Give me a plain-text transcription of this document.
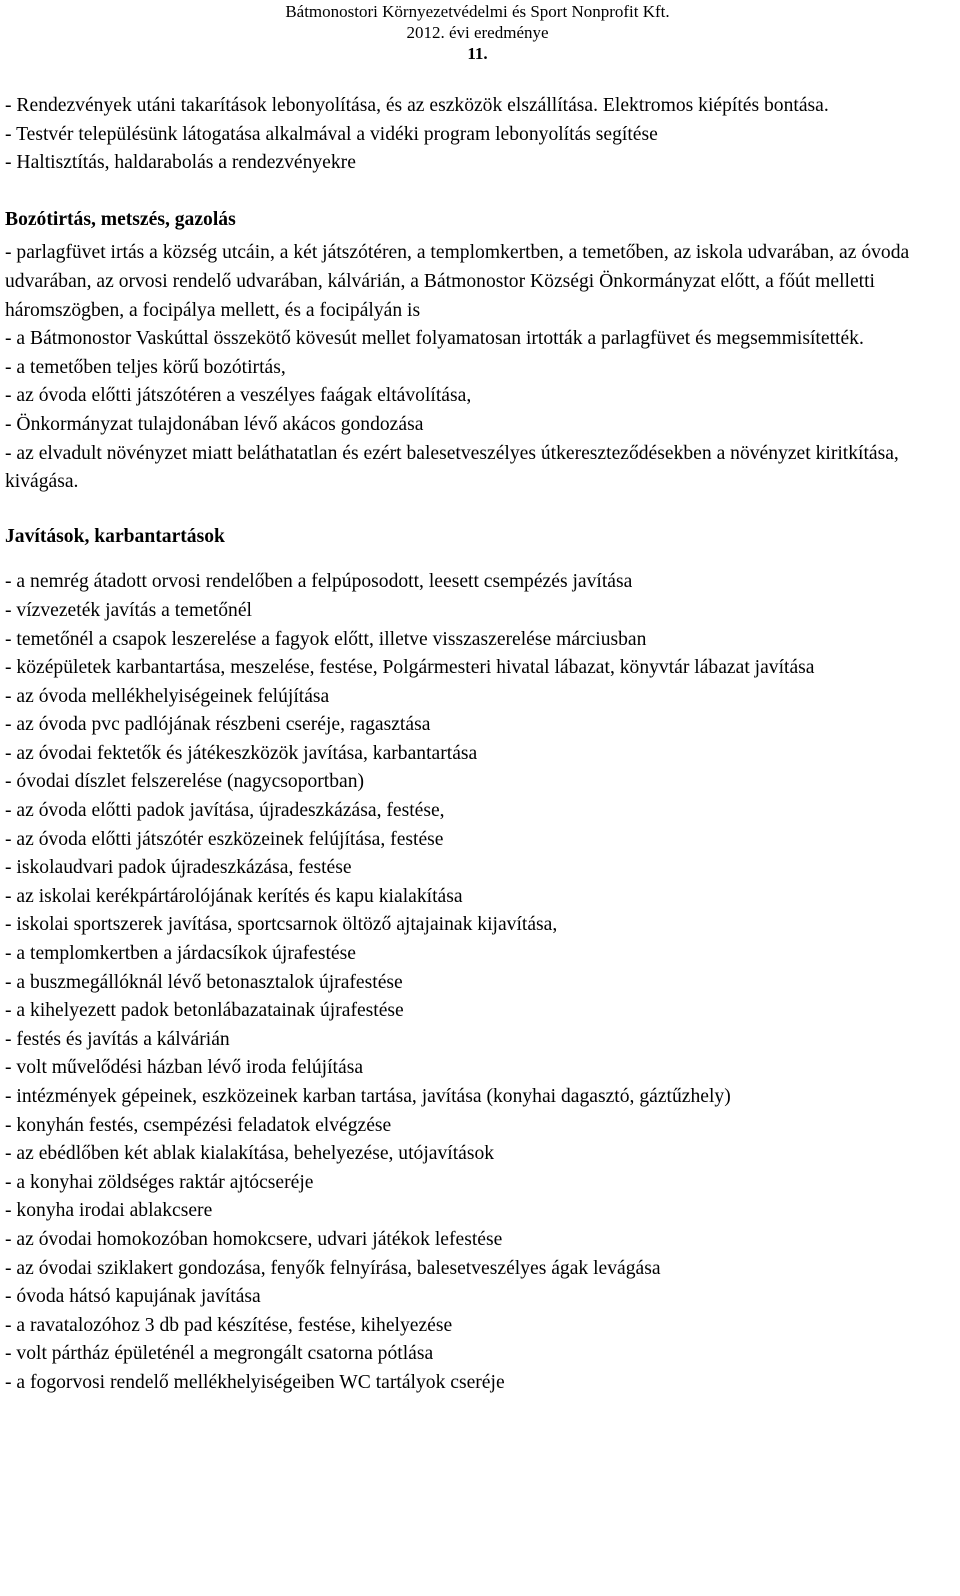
Bátmonostori Környezetvédelmi és Sport Nonprofit Kft.
2012. évi eredménye
11.

- Rendezvények utáni takarítások lebonyolítása, és az eszközök elszállítása. Elektromos kiépítés bontása.

- Testvér településünk látogatása alkalmával a vidéki program lebonyolítás segítése

- Haltisztítás, haldarabolás a rendezvényekre

Bozótirtás, metszés, gazolás

- parlagfüvet irtás a község utcáin, a két játszótéren, a templomkertben, a temetőben, az iskola udvarában, az óvoda udvarában, az orvosi rendelő udvarában, kálvárián, a Bátmonostor Községi Önkormányzat előtt, a főút melletti háromszögben, a focipálya mellett, és a focipályán is

- a Bátmonostor Vaskúttal összekötő kövesút mellet folyamatosan irtották a parlagfüvet és megsemmisítették.

- a temetőben teljes körű bozótirtás,

- az óvoda előtti játszótéren a veszélyes faágak eltávolítása,

- Önkormányzat tulajdonában lévő akácos gondozása

- az elvadult növényzet miatt beláthatatlan és ezért balesetveszélyes útkereszteződésekben a növényzet kiritkítása, kivágása.

Javítások, karbantartások

- a nemrég átadott orvosi rendelőben a felpúposodott, leesett csempézés javítása

- vízvezeték javítás a temetőnél

- temetőnél a csapok leszerelése a fagyok előtt, illetve visszaszerelése márciusban

- középületek karbantartása, meszelése, festése, Polgármesteri hivatal lábazat, könyvtár lábazat javítása

- az óvoda mellékhelyiségeinek felújítása

- az óvoda pvc padlójának részbeni cseréje, ragasztása

- az óvodai fektetők és játékeszközök javítása, karbantartása

- óvodai díszlet felszerelése (nagycsoportban)

- az óvoda előtti padok javítása, újradeszkázása, festése,

- az óvoda előtti játszótér eszközeinek felújítása, festése

- iskolaudvari padok újradeszkázása, festése

- az iskolai kerékpártárolójának kerítés és kapu kialakítása

- iskolai sportszerek javítása, sportcsarnok öltöző ajtajainak kijavítása,

- a templomkertben a járdacsíkok újrafestése

- a buszmegállóknál lévő betonasztalok újrafestése

- a kihelyezett padok betonlábazatainak újrafestése

- festés és javítás a kálvárián

- volt művelődési házban lévő iroda felújítása

- intézmények gépeinek, eszközeinek karban tartása, javítása (konyhai dagasztó, gáztűzhely)

- konyhán festés, csempézési feladatok elvégzése

- az ebédlőben két ablak kialakítása, behelyezése, utójavítások

- a konyhai zöldséges raktár ajtócseréje

- konyha irodai ablakcsere

- az óvodai homokozóban homokcsere, udvari játékok lefestése

- az óvodai sziklakert gondozása, fenyők felnyírása, balesetveszélyes ágak levágása

- óvoda hátsó kapujának javítása

- a ravatalozóhoz 3 db pad készítése, festése, kihelyezése

- volt pártház épületénél a megrongált csatorna pótlása

- a fogorvosi rendelő mellékhelyiségeiben WC tartályok cseréje
